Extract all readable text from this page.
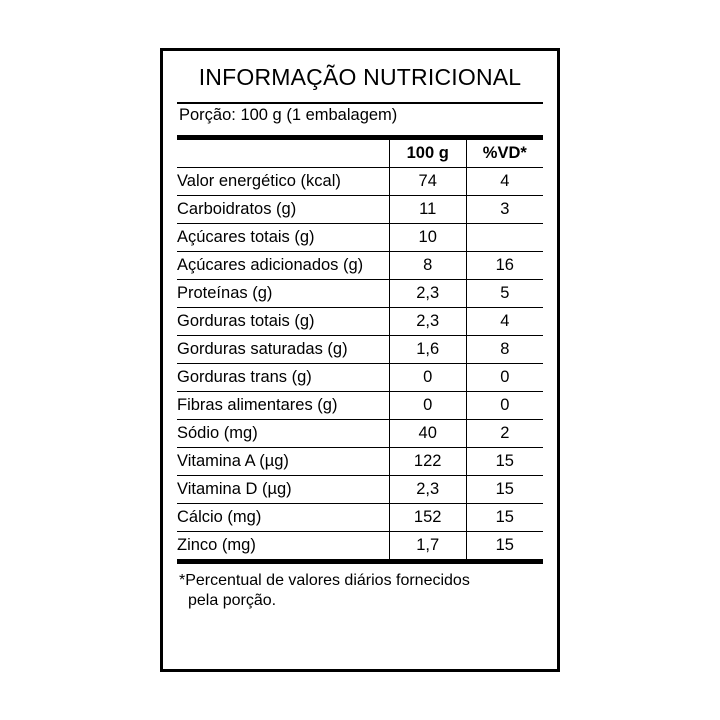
INFORMAÇÃO NUTRICIONAL
Porção: 100 g (1 embalagem)
	100 g	%VD*
Valor energético (kcal)	74	4
Carboidratos (g)	11	3
Açúcares totais (g)	10	
Açúcares adicionados (g)	8	16
Proteínas (g)	2,3	5
Gorduras totais (g)	2,3	4
Gorduras saturadas (g)	1,6	8
Gorduras trans (g)	0	0
Fibras alimentares (g)	0	0
Sódio (mg)	40	2
Vitamina A (µg)	122	15
Vitamina D (µg)	2,3	15
Cálcio (mg)	152	15
Zinco (mg)	1,7	15
*Percentual de valores diários fornecidos
pela porção.
